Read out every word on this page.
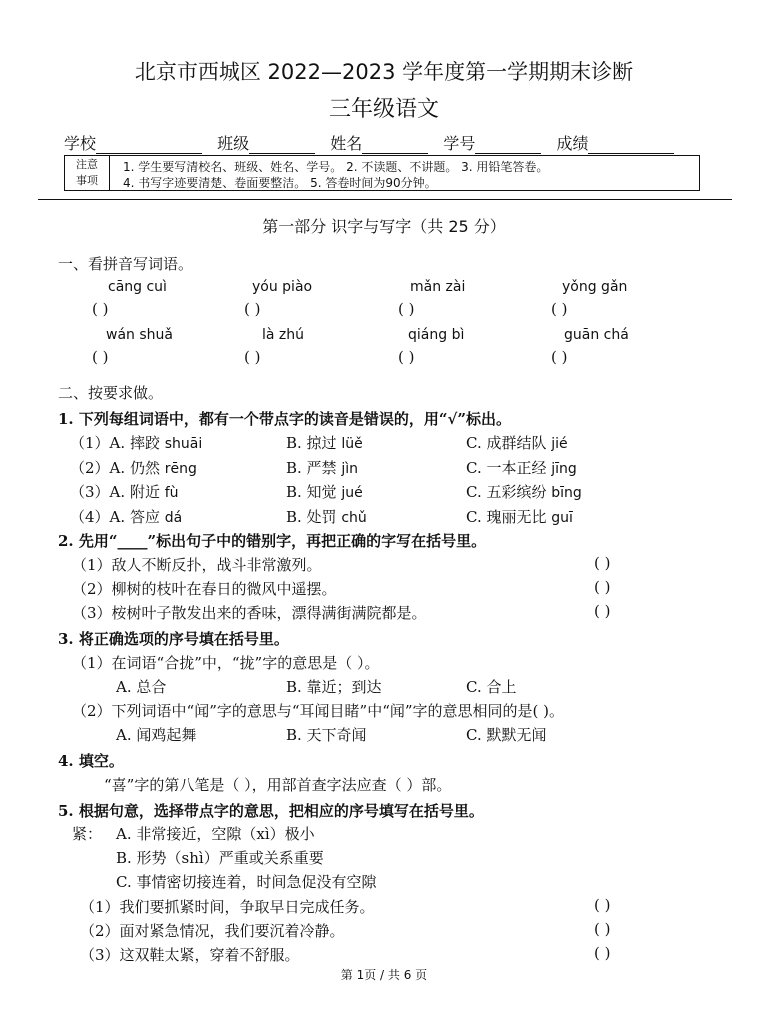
北京市西城区 2022—2023 学年度第一学期期末诊断
三年级语文
学校	班级	姓名	学号	成绩
注意
事项
1. 学生要写清校名、班级、姓名、学号。 2. 不读题、不讲题。 3. 用铅笔答卷。
4. 书写字迹要清楚、卷面要整洁。 5. 答卷时间为90分钟。
第一部分 识字与写字（共 25 分）
一、看拼音写词语。
cāng cuì	yóu piào	mǎn zài	yǒng gǎn
( )	( )	( )	( )
wán shuǎ	là zhú	qiáng bì	guān chá
( )	( )	( )	( )
二、按要求做。
1. 下列每组词语中，都有一个带点字的读音是错误的，用“√”标出。
（1）A. 摔跤 shuāi	B. 掠过 lüě	C. 成群结队 jié
（2）A. 仍然 rēng	B. 严禁 jìn	C. 一本正经 jīng
（3）A. 附近 fù	B. 知觉 jué	C. 五彩缤纷 bīng
（4）A. 答应 dá	B. 处罚 chǔ	C. 瑰丽无比 guī
2. 先用“____”标出句子中的错别字，再把正确的字写在括号里。
（1）敌人不断反扑，战斗非常激列。	( )
（2）柳树的枝叶在春日的微风中遥摆。	( )
（3）桉树叶子散发出来的香味，漂得满街满院都是。	( )
3. 将正确选项的序号填在括号里。
（1）在词语“合拢”中，“拢”字的意思是（ ）。
A. 总合	B. 靠近；到达	C. 合上
（2）下列词语中“闻”字的意思与“耳闻目睹”中“闻”字的意思相同的是( )。
A. 闻鸡起舞	B. 天下奇闻	C. 默默无闻
4. 填空。
“喜”字的第八笔是（ ），用部首查字法应查（ ）部。
5. 根据句意，选择带点字的意思，把相应的序号填写在括号里。
紧： A. 非常接近，空隙（xì）极小
B. 形势（shì）严重或关系重要
C. 事情密切接连着，时间急促没有空隙
（1）我们要抓紧时间，争取早日完成任务。	( )
（2）面对紧急情况，我们要沉着冷静。	( )
（3）这双鞋太紧，穿着不舒服。	( )
第 1页 / 共 6 页
